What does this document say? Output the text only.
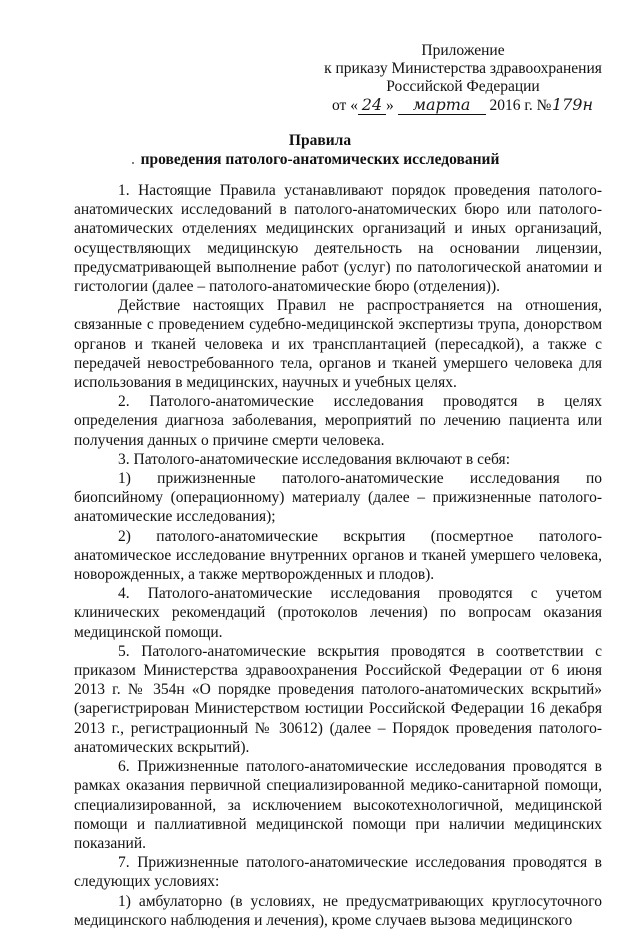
Приложение
к приказу Министерства здравоохранения
Российской Федерации
от « 24 » марта 2016 г. №179н
Правила
проведения патолого-анатомических исследований

1. Настоящие Правила устанавливают порядок проведения патолого-анатомических исследований в патолого-анатомических бюро или патолого-анатомических отделениях медицинских организаций и иных организаций, осуществляющих медицинскую деятельность на основании лицензии, предусматривающей выполнение работ (услуг) по патологической анатомии и гистологии (далее – патолого-анатомические бюро (отделения)).

Действие настоящих Правил не распространяется на отношения, связанные с проведением судебно-медицинской экспертизы трупа, донорством органов и тканей человека и их трансплантацией (пересадкой), а также с передачей невостребованного тела, органов и тканей умершего человека для использования в медицинских, научных и учебных целях.

2. Патолого-анатомические исследования проводятся в целях определения диагноза заболевания, мероприятий по лечению пациента или получения данных о причине смерти человека.

3. Патолого-анатомические исследования включают в себя:

1) прижизненные патолого-анатомические исследования по биопсийному (операционному) материалу (далее – прижизненные патолого-анатомические исследования);

2) патолого-анатомические вскрытия (посмертное патолого-анатомическое исследование внутренних органов и тканей умершего человека, новорожденных, а также мертворожденных и плодов).

4. Патолого-анатомические исследования проводятся с учетом клинических рекомендаций (протоколов лечения) по вопросам оказания медицинской помощи.

5. Патолого-анатомические вскрытия проводятся в соответствии с приказом Министерства здравоохранения Российской Федерации от 6 июня 2013 г. № 354н «О порядке проведения патолого-анатомических вскрытий» (зарегистрирован Министерством юстиции Российской Федерации 16 декабря 2013 г., регистрационный № 30612) (далее – Порядок проведения патолого-анатомических вскрытий).

6. Прижизненные патолого-анатомические исследования проводятся в рамках оказания первичной специализированной медико-санитарной помощи, специализированной, за исключением высокотехнологичной, медицинской помощи и паллиативной медицинской помощи при наличии медицинских показаний.

7. Прижизненные патолого-анатомические исследования проводятся в следующих условиях:

1) амбулаторно (в условиях, не предусматривающих круглосуточного медицинского наблюдения и лечения), кроме случаев вызова медицинского
